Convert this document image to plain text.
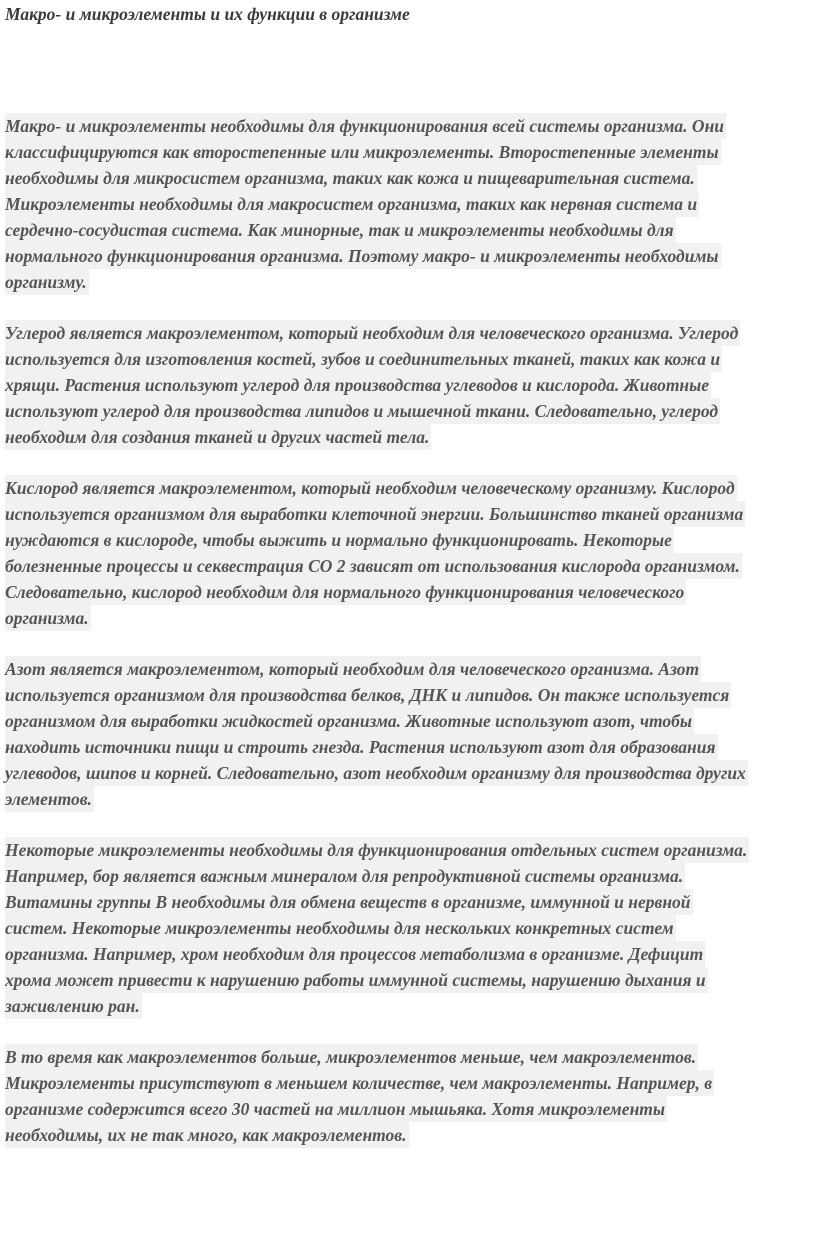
Макро- и микроэлементы и их функции в организме

Макро- и микроэлементы необходимы для функционирования всей системы организма. Они
классифицируются как второстепенные или микроэлементы. Второстепенные элементы
необходимы для микросистем организма, таких как кожа и пищеварительная система.
Микроэлементы необходимы для макросистем организма, таких как нервная система и
сердечно-сосудистая система. Как минорные, так и микроэлементы необходимы для
нормального функционирования организма. Поэтому макро- и микроэлементы необходимы
организму.

Углерод является макроэлементом, который необходим для человеческого организма. Углерод
используется для изготовления костей, зубов и соединительных тканей, таких как кожа и
хрящи. Растения используют углерод для производства углеводов и кислорода. Животные
используют углерод для производства липидов и мышечной ткани. Следовательно, углерод
необходим для создания тканей и других частей тела.

Кислород является макроэлементом, который необходим человеческому организму. Кислород
используется организмом для выработки клеточной энергии. Большинство тканей организма
нуждаются в кислороде, чтобы выжить и нормально функционировать. Некоторые
болезненные процессы и секвестрация CO 2 зависят от использования кислорода организмом.
Следовательно, кислород необходим для нормального функционирования человеческого
организма.

Азот является макроэлементом, который необходим для человеческого организма. Азот
используется организмом для производства белков, ДНК и липидов. Он также используется
организмом для выработки жидкостей организма. Животные используют азот, чтобы
находить источники пищи и строить гнезда. Растения используют азот для образования
углеводов, шипов и корней. Следовательно, азот необходим организму для производства других
элементов.

Некоторые микроэлементы необходимы для функционирования отдельных систем организма.
Например, бор является важным минералом для репродуктивной системы организма.
Витамины группы B необходимы для обмена веществ в организме, иммунной и нервной
систем. Некоторые микроэлементы необходимы для нескольких конкретных систем
организма. Например, хром необходим для процессов метаболизма в организме. Дефицит
хрома может привести к нарушению работы иммунной системы, нарушению дыхания и
заживлению ран.

В то время как макроэлементов больше, микроэлементов меньше, чем макроэлементов.
Микроэлементы присутствуют в меньшем количестве, чем макроэлементы. Например, в
организме содержится всего 30 частей на миллион мышьяка. Хотя микроэлементы
необходимы, их не так много, как макроэлементов.
